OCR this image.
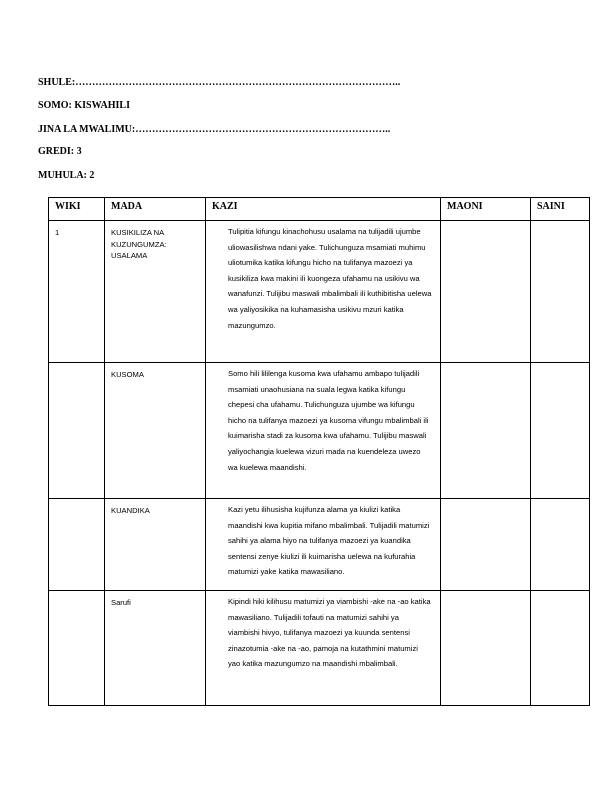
SHULE:……………………………………………………………………………………..
SOMO: KISWAHILI
JINA LA MWALIMU:…………………………………………………………………..
GREDI: 3
MUHULA: 2
WIKI	MADA	KAZI	MAONI	SAINI
1	KUSIKILIZA NA KUZUNGUMZA: USALAMA	Tulipitia kifungu kinachohusu usalama na tulijadili ujumbe uliowasilishwa ndani yake. Tulichunguza msamiati muhimu uliotumika katika kifungu hicho na tulifanya mazoezi ya kusikiliza kwa makini ili kuongeza ufahamu na usikivu wa wanafunzi. Tulijibu maswali mbalimbali ili kuthibitisha uelewa wa yaliyosikika na kuhamasisha usikivu mzuri katika mazungumzo.		
	KUSOMA	Somo hili lililenga kusoma kwa ufahamu ambapo tulijadili msamiati unaohusiana na suala legwa katika kifungu chepesi cha ufahamu. Tulichunguza ujumbe wa kifungu hicho na tulifanya mazoezi ya kusoma vifungu mbalimbali ili kuimarisha stadi za kusoma kwa ufahamu. Tulijibu maswali yaliyochangia kuelewa vizuri mada na kuendeleza uwezo wa kuelewa maandishi.		
	KUANDIKA	Kazi yetu ilihusisha kujifunza alama ya kiulizi katika maandishi kwa kupitia mifano mbalimbali. Tulijadili matumizi sahihi ya alama hiyo na tulifanya mazoezi ya kuandika sentensi zenye kiulizi ili kuimarisha uelewa na kufurahia matumizi yake katika mawasiliano.		
	Sarufi	Kipindi hiki kilihusu matumizi ya viambishi -ake na -ao katika mawasiliano. Tulijadili tofauti na matumizi sahihi ya viambishi hivyo, tulifanya mazoezi ya kuunda sentensi zinazotumia -ake na -ao, pamoja na kutathmini matumizi yao katika mazungumzo na maandishi mbalimbali.		
